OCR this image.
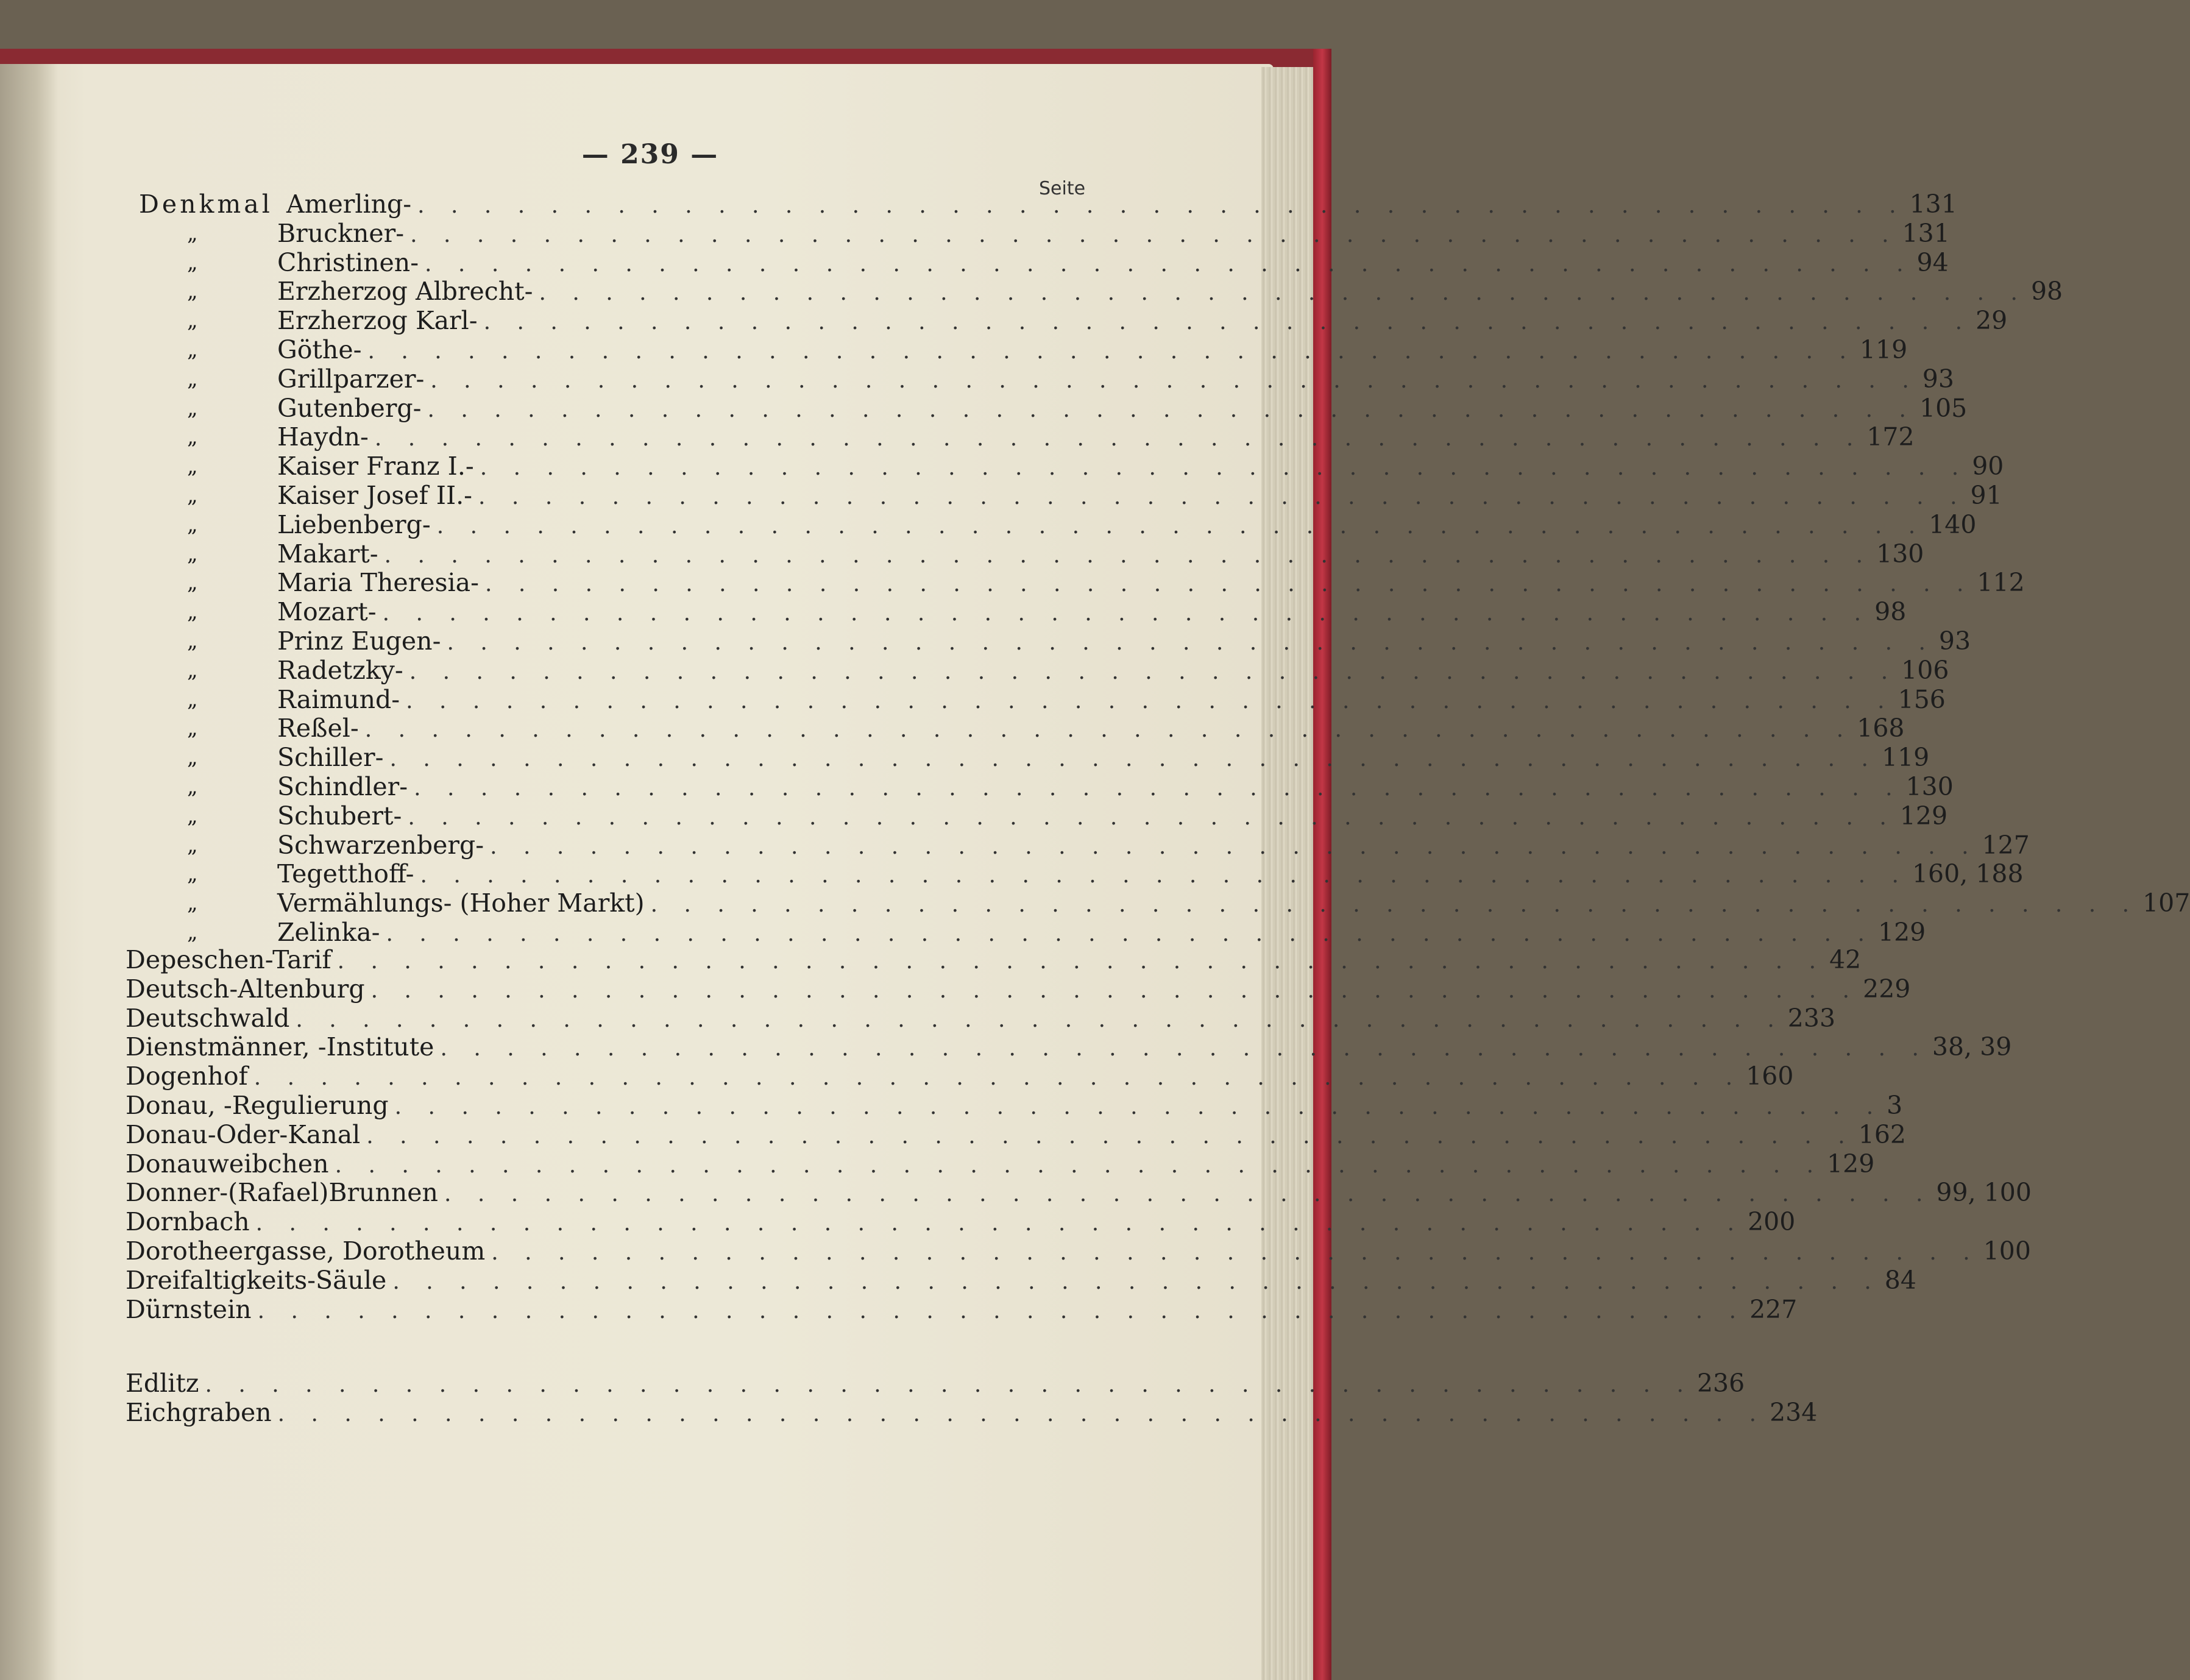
— 239 —
Seite
Denkmal Amerling- . . . . . . . . . . . . . . . . . . . . . . . . . . . . . . . . . . . . . . . . . . . . . 131
„	Bruckner- . . . . . . . . . . . . . . . . . . . . . . . . . . . . . . . . . . . . . . . . . . . . . 131
„	Christinen- . . . . . . . . . . . . . . . . . . . . . . . . . . . . . . . . . . . . . . . . . . . . . 94
„	Erzherzog Albrecht- . . . . . . . . . . . . . . . . . . . . . . . . . . . . . . . . . . . . . . . . . . . . . 98
„	Erzherzog Karl- . . . . . . . . . . . . . . . . . . . . . . . . . . . . . . . . . . . . . . . . . . . . . 29
„	Göthe- . . . . . . . . . . . . . . . . . . . . . . . . . . . . . . . . . . . . . . . . . . . . . 119
„	Grillparzer- . . . . . . . . . . . . . . . . . . . . . . . . . . . . . . . . . . . . . . . . . . . . . 93
„	Gutenberg- . . . . . . . . . . . . . . . . . . . . . . . . . . . . . . . . . . . . . . . . . . . . . 105
„	Haydn- . . . . . . . . . . . . . . . . . . . . . . . . . . . . . . . . . . . . . . . . . . . . . 172
„	Kaiser Franz I.- . . . . . . . . . . . . . . . . . . . . . . . . . . . . . . . . . . . . . . . . . . . . . 90
„	Kaiser Josef II.- . . . . . . . . . . . . . . . . . . . . . . . . . . . . . . . . . . . . . . . . . . . . . 91
„	Liebenberg- . . . . . . . . . . . . . . . . . . . . . . . . . . . . . . . . . . . . . . . . . . . . . 140
„	Makart- . . . . . . . . . . . . . . . . . . . . . . . . . . . . . . . . . . . . . . . . . . . . . 130
„	Maria Theresia- . . . . . . . . . . . . . . . . . . . . . . . . . . . . . . . . . . . . . . . . . . . . . 112
„	Mozart- . . . . . . . . . . . . . . . . . . . . . . . . . . . . . . . . . . . . . . . . . . . . . 98
„	Prinz Eugen- . . . . . . . . . . . . . . . . . . . . . . . . . . . . . . . . . . . . . . . . . . . . . 93
„	Radetzky- . . . . . . . . . . . . . . . . . . . . . . . . . . . . . . . . . . . . . . . . . . . . . 106
„	Raimund- . . . . . . . . . . . . . . . . . . . . . . . . . . . . . . . . . . . . . . . . . . . . . 156
„	Reßel- . . . . . . . . . . . . . . . . . . . . . . . . . . . . . . . . . . . . . . . . . . . . . 168
„	Schiller- . . . . . . . . . . . . . . . . . . . . . . . . . . . . . . . . . . . . . . . . . . . . . 119
„	Schindler- . . . . . . . . . . . . . . . . . . . . . . . . . . . . . . . . . . . . . . . . . . . . . 130
„	Schubert- . . . . . . . . . . . . . . . . . . . . . . . . . . . . . . . . . . . . . . . . . . . . . 129
„	Schwarzenberg- . . . . . . . . . . . . . . . . . . . . . . . . . . . . . . . . . . . . . . . . . . . . . 127
„	Tegetthoff- . . . . . . . . . . . . . . . . . . . . . . . . . . . . . . . . . . . . . . . . . . . . . 160, 188
„	Vermählungs- (Hoher Markt) . . . . . . . . . . . . . . . . . . . . . . . . . . . . . . . . . . . . . . . . . . . . . 107
„	Zelinka- . . . . . . . . . . . . . . . . . . . . . . . . . . . . . . . . . . . . . . . . . . . . . 129
Depeschen-Tarif . . . . . . . . . . . . . . . . . . . . . . . . . . . . . . . . . . . . . . . . . . . . . 42
Deutsch-Altenburg . . . . . . . . . . . . . . . . . . . . . . . . . . . . . . . . . . . . . . . . . . . . . 229
Deutschwald . . . . . . . . . . . . . . . . . . . . . . . . . . . . . . . . . . . . . . . . . . . . . 233
Dienstmänner, -Institute . . . . . . . . . . . . . . . . . . . . . . . . . . . . . . . . . . . . . . . . . . . . . 38, 39
Dogenhof . . . . . . . . . . . . . . . . . . . . . . . . . . . . . . . . . . . . . . . . . . . . . 160
Donau, -Regulierung . . . . . . . . . . . . . . . . . . . . . . . . . . . . . . . . . . . . . . . . . . . . . 3
Donau-Oder-Kanal . . . . . . . . . . . . . . . . . . . . . . . . . . . . . . . . . . . . . . . . . . . . . 162
Donauweibchen . . . . . . . . . . . . . . . . . . . . . . . . . . . . . . . . . . . . . . . . . . . . . 129
Donner-(Rafael)Brunnen . . . . . . . . . . . . . . . . . . . . . . . . . . . . . . . . . . . . . . . . . . . . . 99, 100
Dornbach . . . . . . . . . . . . . . . . . . . . . . . . . . . . . . . . . . . . . . . . . . . . . 200
Dorotheergasse, Dorotheum . . . . . . . . . . . . . . . . . . . . . . . . . . . . . . . . . . . . . . . . . . . . . 100
Dreifaltigkeits-Säule . . . . . . . . . . . . . . . . . . . . . . . . . . . . . . . . . . . . . . . . . . . . . 84
Dürnstein . . . . . . . . . . . . . . . . . . . . . . . . . . . . . . . . . . . . . . . . . . . . . 227
Edlitz . . . . . . . . . . . . . . . . . . . . . . . . . . . . . . . . . . . . . . . . . . . . . 236
Eichgraben . . . . . . . . . . . . . . . . . . . . . . . . . . . . . . . . . . . . . . . . . . . . . 234
